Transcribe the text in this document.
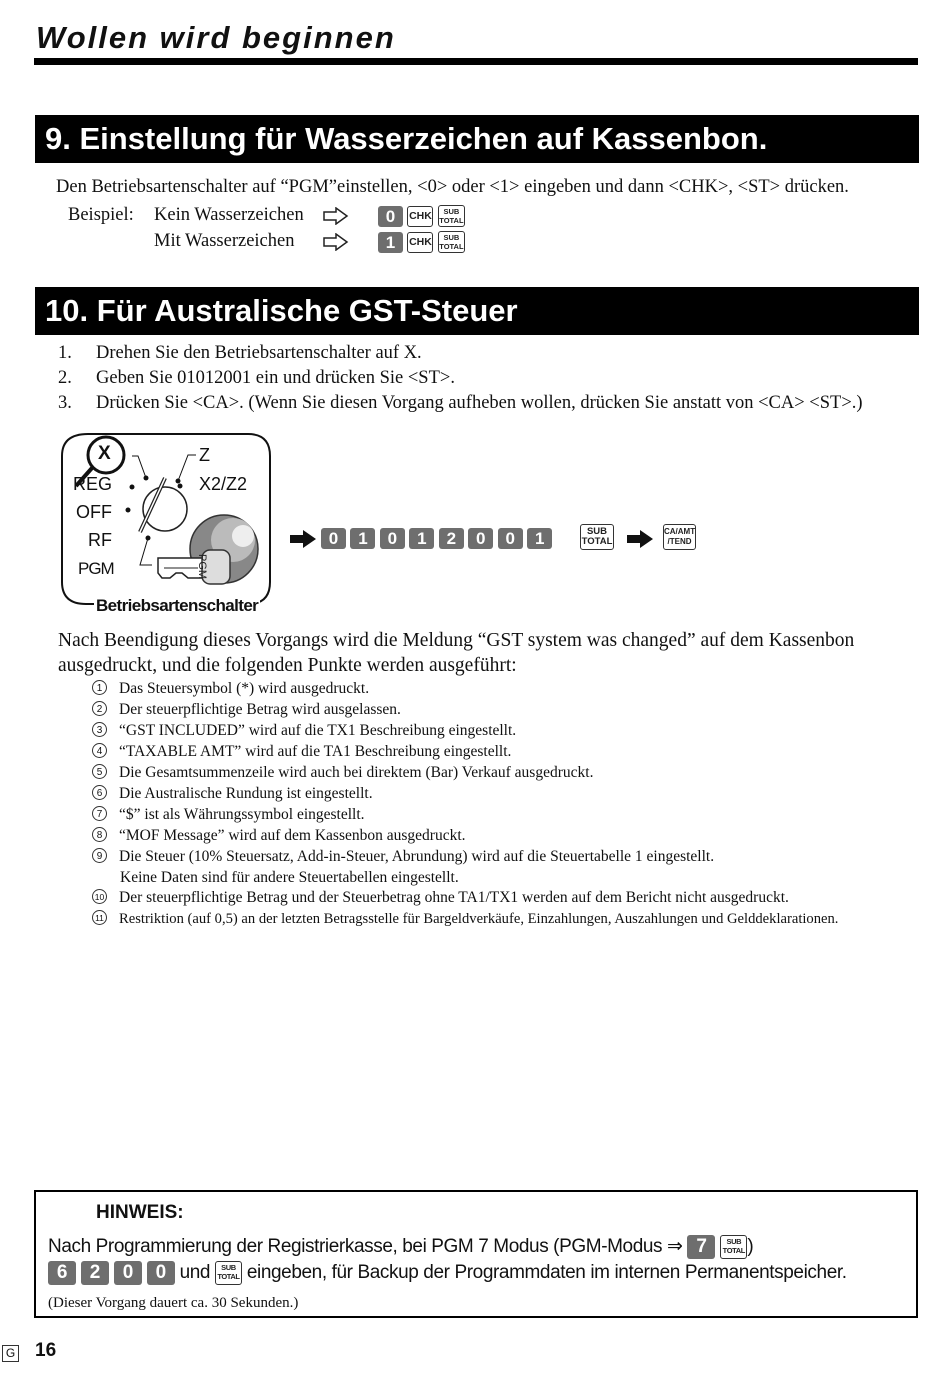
Wollen wird beginnen
9. Einstellung für Wasserzeichen auf Kassenbon.
Den Betriebsartenschalter auf “PGM”einstellen, <0> oder <1> eingeben und dann <CHK>, <ST> drücken.
Beispiel: Kein Wasserzeichen	0 CHK	SUB
TOTAL
Mit Wasserzeichen	1 CHK	SUB
TOTAL
10. Für Australische GST-Steuer
1. Drehen Sie den Betriebsartenschalter auf X.
2. Geben Sie 01012001 ein und drücken Sie <ST>.
3. Drücken Sie <CA>. (Wenn Sie diesen Vorgang aufheben wollen, drücken Sie anstatt von <CA> <ST>.)
X	Z
X2/Z2
REG
OFF
RF
PGM	PGM
Betriebsartenschalter
0 1 0 1 2 0 0 1	SUB
TOTAL
CA/AMT
/TEND
Nach Beendigung dieses Vorgangs wird die Meldung “GST system was changed” auf dem Kassenbon
ausgedruckt, und die folgenden Punkte werden ausgeführt:
1 Das Steuersymbol (*) wird ausgedruckt.
2 Der steuerpflichtige Betrag wird ausgelassen.
3 “GST INCLUDED” wird auf die TX1 Beschreibung eingestellt.
4 “TAXABLE AMT” wird auf die TA1 Beschreibung eingestellt.
5 Die Gesamtsummenzeile wird auch bei direktem (Bar) Verkauf ausgedruckt.
6 Die Australische Rundung ist eingestellt.
7 “$” ist als Währungssymbol eingestellt.
8 “MOF Message” wird auf dem Kassenbon ausgedruckt.
9 Die Steuer (10% Steuersatz, Add-in-Steuer, Abrundung) wird auf die Steuertabelle 1 eingestellt.
Keine Daten sind für andere Steuertabellen eingestellt.
10 Der steuerpflichtige Betrag und der Steuerbetrag ohne TA1/TX1 werden auf dem Bericht nicht ausgedruckt.
11 Restriktion (auf 0,5) an der letzten Betragsstelle für Bargeldverkäufe, Einzahlungen, Auszahlungen und Gelddeklarationen.
HINWEIS:
Nach Programmierung der Registrierkasse, bei PGM 7 Modus (PGM-Modus ⇒ 7	SUB
TOTAL )
6 2 0 0 und	SUB
TOTAL eingeben, für Backup der Programmdaten im internen Permanentspeicher.
(Dieser Vorgang dauert ca. 30 Sekunden.)
G 16
